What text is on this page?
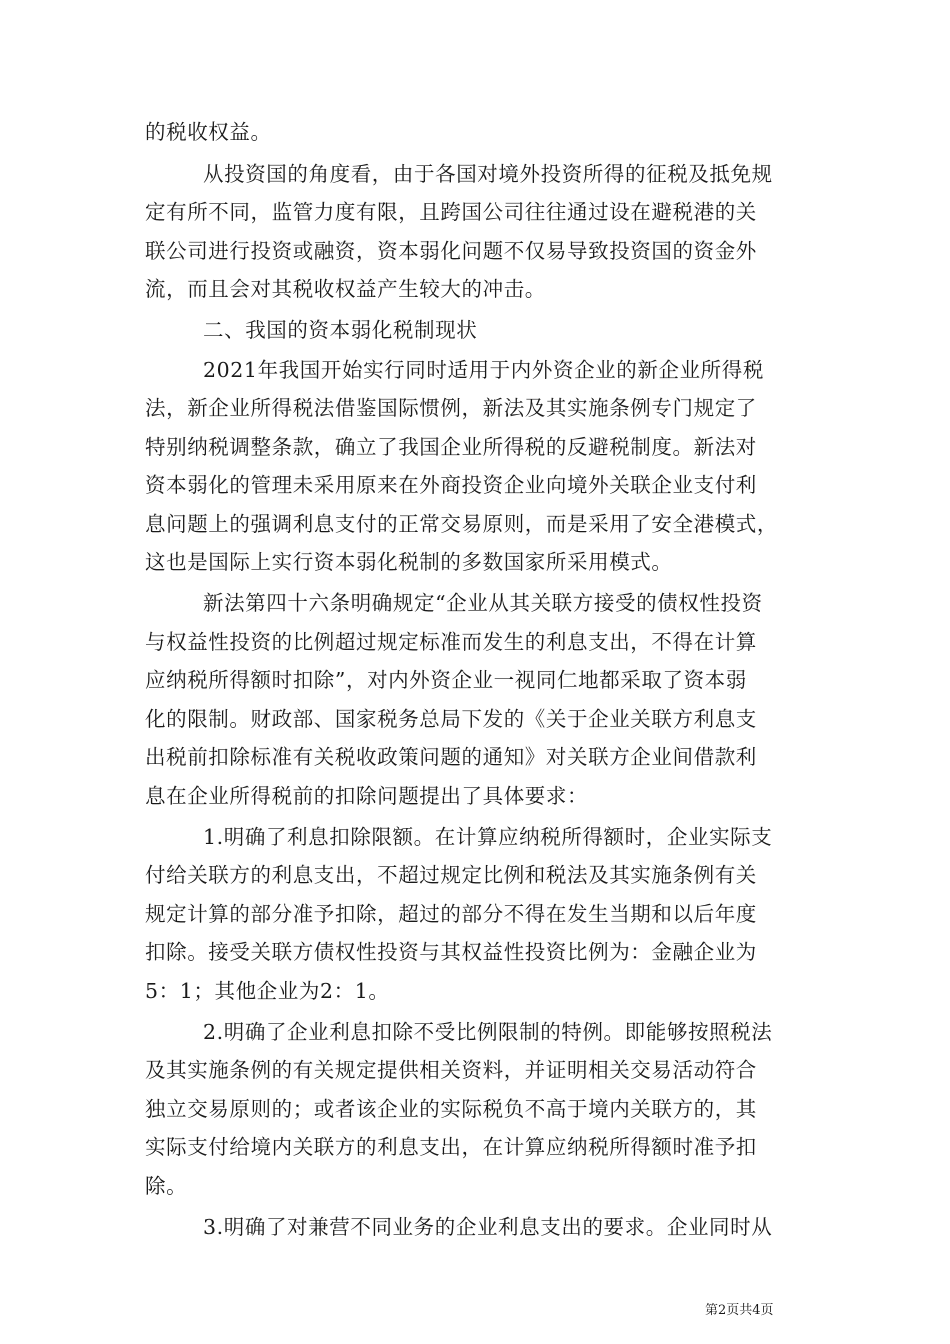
的税收权益。
从投资国的角度看，由于各国对境外投资所得的征税及抵免规
定有所不同，监管力度有限，且跨国公司往往通过设在避税港的关
联公司进行投资或融资，资本弱化问题不仅易导致投资国的资金外
流，而且会对其税收权益产生较大的冲击。
二、我国的资本弱化税制现状
2021年我国开始实行同时适用于内外资企业的新企业所得税
法，新企业所得税法借鉴国际惯例，新法及其实施条例专门规定了
特别纳税调整条款，确立了我国企业所得税的反避税制度。新法对
资本弱化的管理未采用原来在外商投资企业向境外关联企业支付利
息问题上的强调利息支付的正常交易原则，而是采用了安全港模式，
这也是国际上实行资本弱化税制的多数国家所采用模式。
新法第四十六条明确规定“企业从其关联方接受的债权性投资
与权益性投资的比例超过规定标准而发生的利息支出，不得在计算
应纳税所得额时扣除”，对内外资企业一视同仁地都采取了资本弱
化的限制。财政部、国家税务总局下发的《关于企业关联方利息支
出税前扣除标准有关税收政策问题的通知》对关联方企业间借款利
息在企业所得税前的扣除问题提出了具体要求：
1.明确了利息扣除限额。在计算应纳税所得额时，企业实际支
付给关联方的利息支出，不超过规定比例和税法及其实施条例有关
规定计算的部分准予扣除，超过的部分不得在发生当期和以后年度
扣除。接受关联方债权性投资与其权益性投资比例为：金融企业为
5：1；其他企业为2：1。
2.明确了企业利息扣除不受比例限制的特例。即能够按照税法
及其实施条例的有关规定提供相关资料，并证明相关交易活动符合
独立交易原则的；或者该企业的实际税负不高于境内关联方的，其
实际支付给境内关联方的利息支出，在计算应纳税所得额时准予扣
除。
3.明确了对兼营不同业务的企业利息支出的要求。企业同时从
第2页共4页
